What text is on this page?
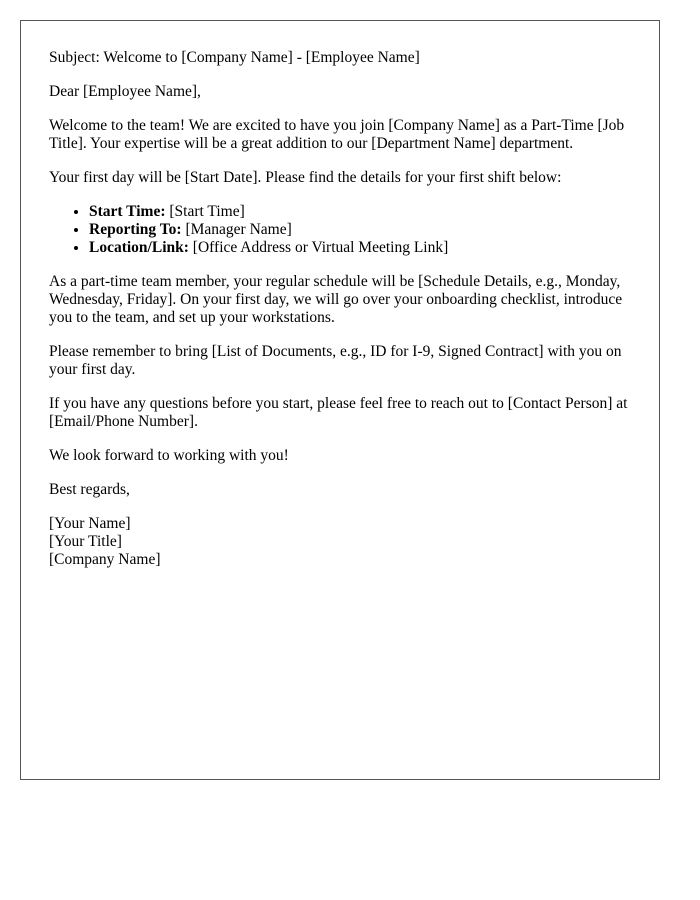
Subject: Welcome to [Company Name] - [Employee Name]

Dear [Employee Name],

Welcome to the team! We are excited to have you join [Company Name] as a Part-Time [Job Title]. Your expertise will be a great addition to our [Department Name] department.

Your first day will be [Start Date]. Please find the details for your first shift below:

• Start Time: [Start Time]
• Reporting To: [Manager Name]
• Location/Link: [Office Address or Virtual Meeting Link]

As a part-time team member, your regular schedule will be [Schedule Details, e.g., Monday, Wednesday, Friday]. On your first day, we will go over your onboarding checklist, introduce you to the team, and set up your workstations.

Please remember to bring [List of Documents, e.g., ID for I-9, Signed Contract] with you on your first day.

If you have any questions before you start, please feel free to reach out to [Contact Person] at [Email/Phone Number].

We look forward to working with you!

Best regards,

[Your Name]
[Your Title]
[Company Name]
